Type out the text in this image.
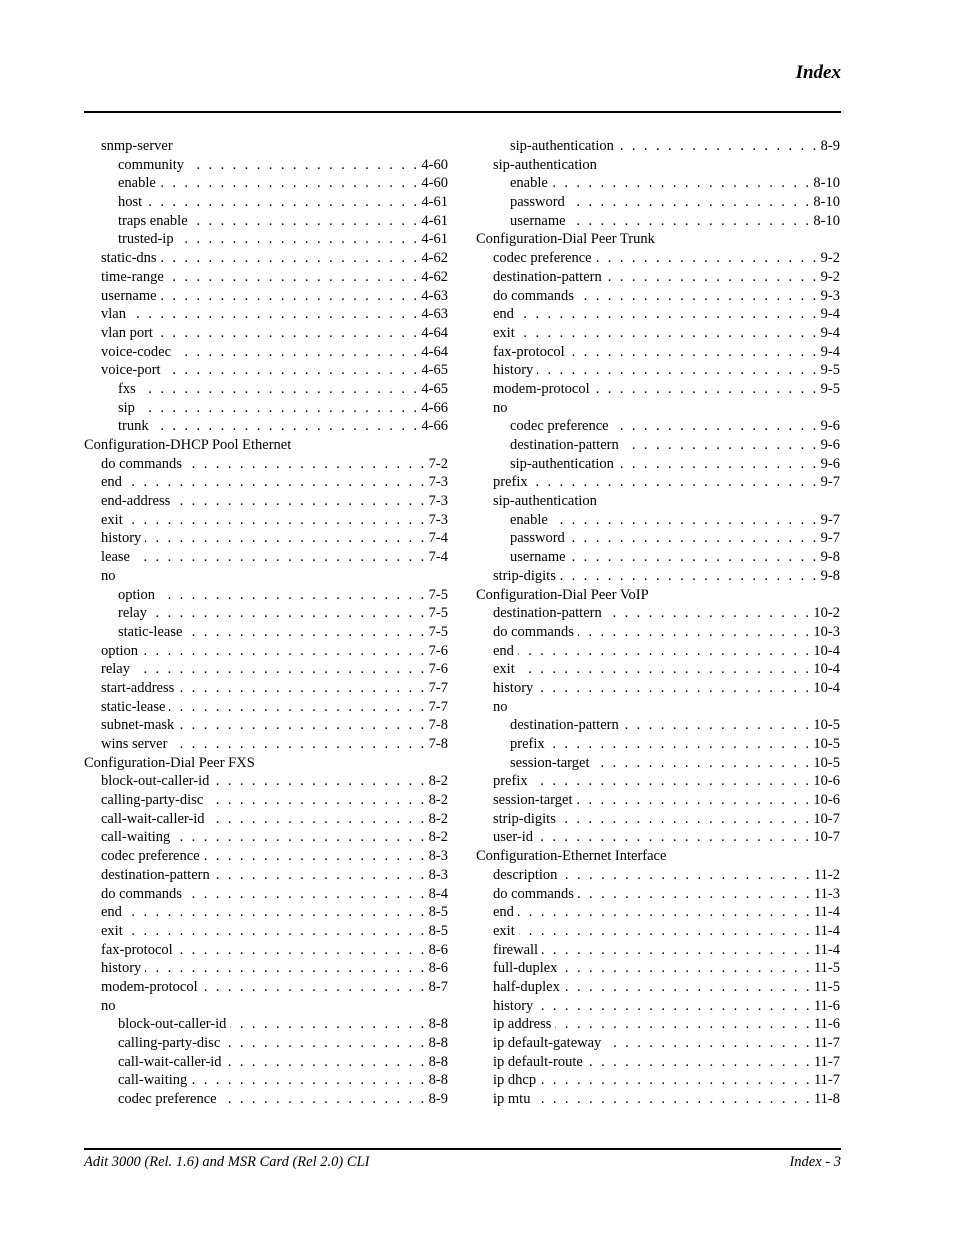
Index
snmp-server
community . . .	4-60
enable . . .	4-60
host . . .	4-61
traps enable . . .	4-61
trusted-ip . . .	4-61
static-dns . . .	4-62
time-range . . .	4-62
username . . .	4-63
vlan . . .	4-63
vlan port . . .	4-64
voice-codec . . .	4-64
voice-port . . .	4-65
fxs . . .	4-65
sip . . .	4-66
trunk . . .	4-66
Configuration-DHCP Pool Ethernet
do commands . . .	7-2
end . . .	7-3
end-address . . .	7-3
exit . . .	7-3
history . . .	7-4
lease . . .	7-4
no
option . . .	7-5
relay . . .	7-5
static-lease . . .	7-5
option . . .	7-6
relay . . .	7-6
start-address . . .	7-7
static-lease . . .	7-7
subnet-mask . . .	7-8
wins server . . .	7-8
Configuration-Dial Peer FXS
block-out-caller-id . . .	8-2
calling-party-disc . . .	8-2
call-wait-caller-id . . .	8-2
call-waiting . . .	8-2
codec preference . . .	8-3
destination-pattern . . .	8-3
do commands . . .	8-4
end . . .	8-5
exit . . .	8-5
fax-protocol . . .	8-6
history . . .	8-6
modem-protocol . . .	8-7
no
block-out-caller-id . . .	8-8
calling-party-disc . . .	8-8
call-wait-caller-id . . .	8-8
call-waiting . . .	8-8
codec preference . . .	8-9
sip-authentication . . .	8-9
sip-authentication
enable . . .	8-10
password . . .	8-10
username . . .	8-10
Configuration-Dial Peer Trunk
codec preference . . .	9-2
destination-pattern . . .	9-2
do commands . . .	9-3
end . . .	9-4
exit . . .	9-4
fax-protocol . . .	9-4
history . . .	9-5
modem-protocol . . .	9-5
no
codec preference . . .	9-6
destination-pattern . . .	9-6
sip-authentication . . .	9-6
prefix . . .	9-7
sip-authentication
enable . . .	9-7
password . . .	9-7
username . . .	9-8
strip-digits . . .	9-8
Configuration-Dial Peer VoIP
destination-pattern . . .	10-2
do commands . . .	10-3
end . . .	10-4
exit . . .	10-4
history . . .	10-4
no
destination-pattern . . .	10-5
prefix . . .	10-5
session-target . . .	10-5
prefix . . .	10-6
session-target . . .	10-6
strip-digits . . .	10-7
user-id . . .	10-7
Configuration-Ethernet Interface
description . . .	11-2
do commands . . .	11-3
end . . .	11-4
exit . . .	11-4
firewall . . .	11-4
full-duplex . . .	11-5
half-duplex . . .	11-5
history . . .	11-6
ip address . . .	11-6
ip default-gateway . . .	11-7
ip default-route . . .	11-7
ip dhcp . . .	11-7
ip mtu . . .	11-8
Adit 3000 (Rel. 1.6) and MSR Card (Rel 2.0) CLI	Index - 3
